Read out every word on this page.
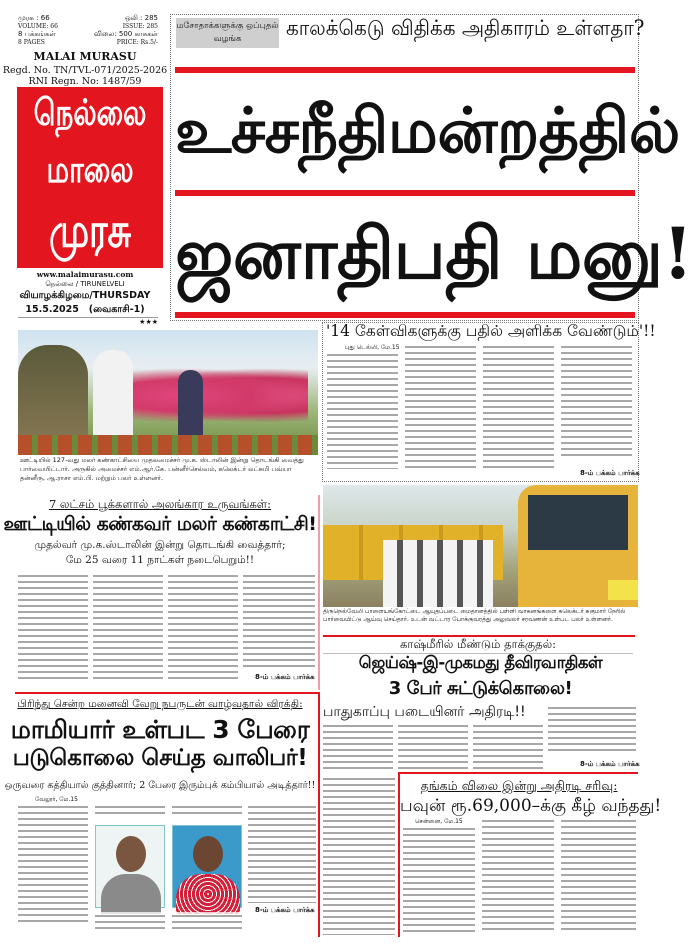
முரசு : 66	ஒலி : 285
VOLUME: 66	ISSUE: 285
8 பக்கங்கள்	விலை: 500 காசுகள்
8 PAGES	PRICE: Rs.5/-
MALAI MURASU
Regd. No. TN/TVL-071/2025-2026
RNI Regn. No: 1487/59
நெல்லை
மாலை
முரசு
www.malaimurasu.com
நெல்லை / TIRUNELVELI
வியாழக்கிழமை/THURSDAY
15.5.2025   (வைகாசி-1)
★★★
மசோதாக்களுக்கு ஒப்புதல் வழங்க	காலக்கெடு விதிக்க அதிகாரம் உள்ளதா?
உச்சநீதிமன்றத்தில்
ஜனாதிபதி மனு!
'14 கேள்விகளுக்கு பதில் அளிக்க வேண்டும்'!!
புது டெல்லி, மே.15
8-ம் பக்கம் பார்க்க
ஊட்டியில் 127-வது மலர் கண்காட்சியை முதலமைச்சர் மு.க. ஸ்டாலின் இன்று தொடங்கி வைத்து பார்வையிட்டார். அருகில் அமைச்சர் எம்.ஆர்.கே. பன்னீர்செல்வம், கலெக்டர் லட்சுமி பவ்யா தன்னீரு, ஆ.ராசா எம்.பி. மற்றும் பலர் உள்ளனர்.
7 லட்சம் பூக்களால் அலங்கார உருவங்கள்:
ஊட்டியில் கண்கவர் மலர் கண்காட்சி!
முதல்வர் மு.க.ஸ்டாலின் இன்று தொடங்கி வைத்தார்;
மே 25 வரை 11 நாட்கள் நடைபெறும்!!
8-ம் பக்கம் பார்க்க
பிரிந்து சென்ற மனைவி வேறு நபருடன் வாழ்வதால் விரக்தி:
மாமியார் உள்பட 3 பேரை
படுகொலை செய்த வாலிபர்!
ஒருவரை கத்தியால் குத்தினார்; 2 பேரை இரும்புக் கம்பியால் அடித்தார்!!
வேலூர், மே.15
8-ம் பக்கம் பார்க்க
திருநெல்வேலி பாளையங்கோட்டை ஆயுதப்படை மைதானத்தில் பள்ளி வாகனங்களை கலெக்டர் சுகுமார் நேரில் பார்வையிட்டு ஆய்வு செய்தார். உடன் வட்டார போக்குவரத்து அலுவலர் சரவணன் உள்பட பலர் உள்ளனர்.
காஷ்மீரில் மீண்டும் தாக்குதல்:
ஜெய்ஷ்-இ-முகமது தீவிரவாதிகள்
3 பேர் சுட்டுக்கொலை!
பாதுகாப்பு படையினர் அதிரடி!!
8-ம் பக்கம் பார்க்க
தங்கம் விலை இன்று அதிரடி சரிவு:
பவுன் ரூ.69,000–க்கு கீழ் வந்தது!
சென்னை, மே.15
